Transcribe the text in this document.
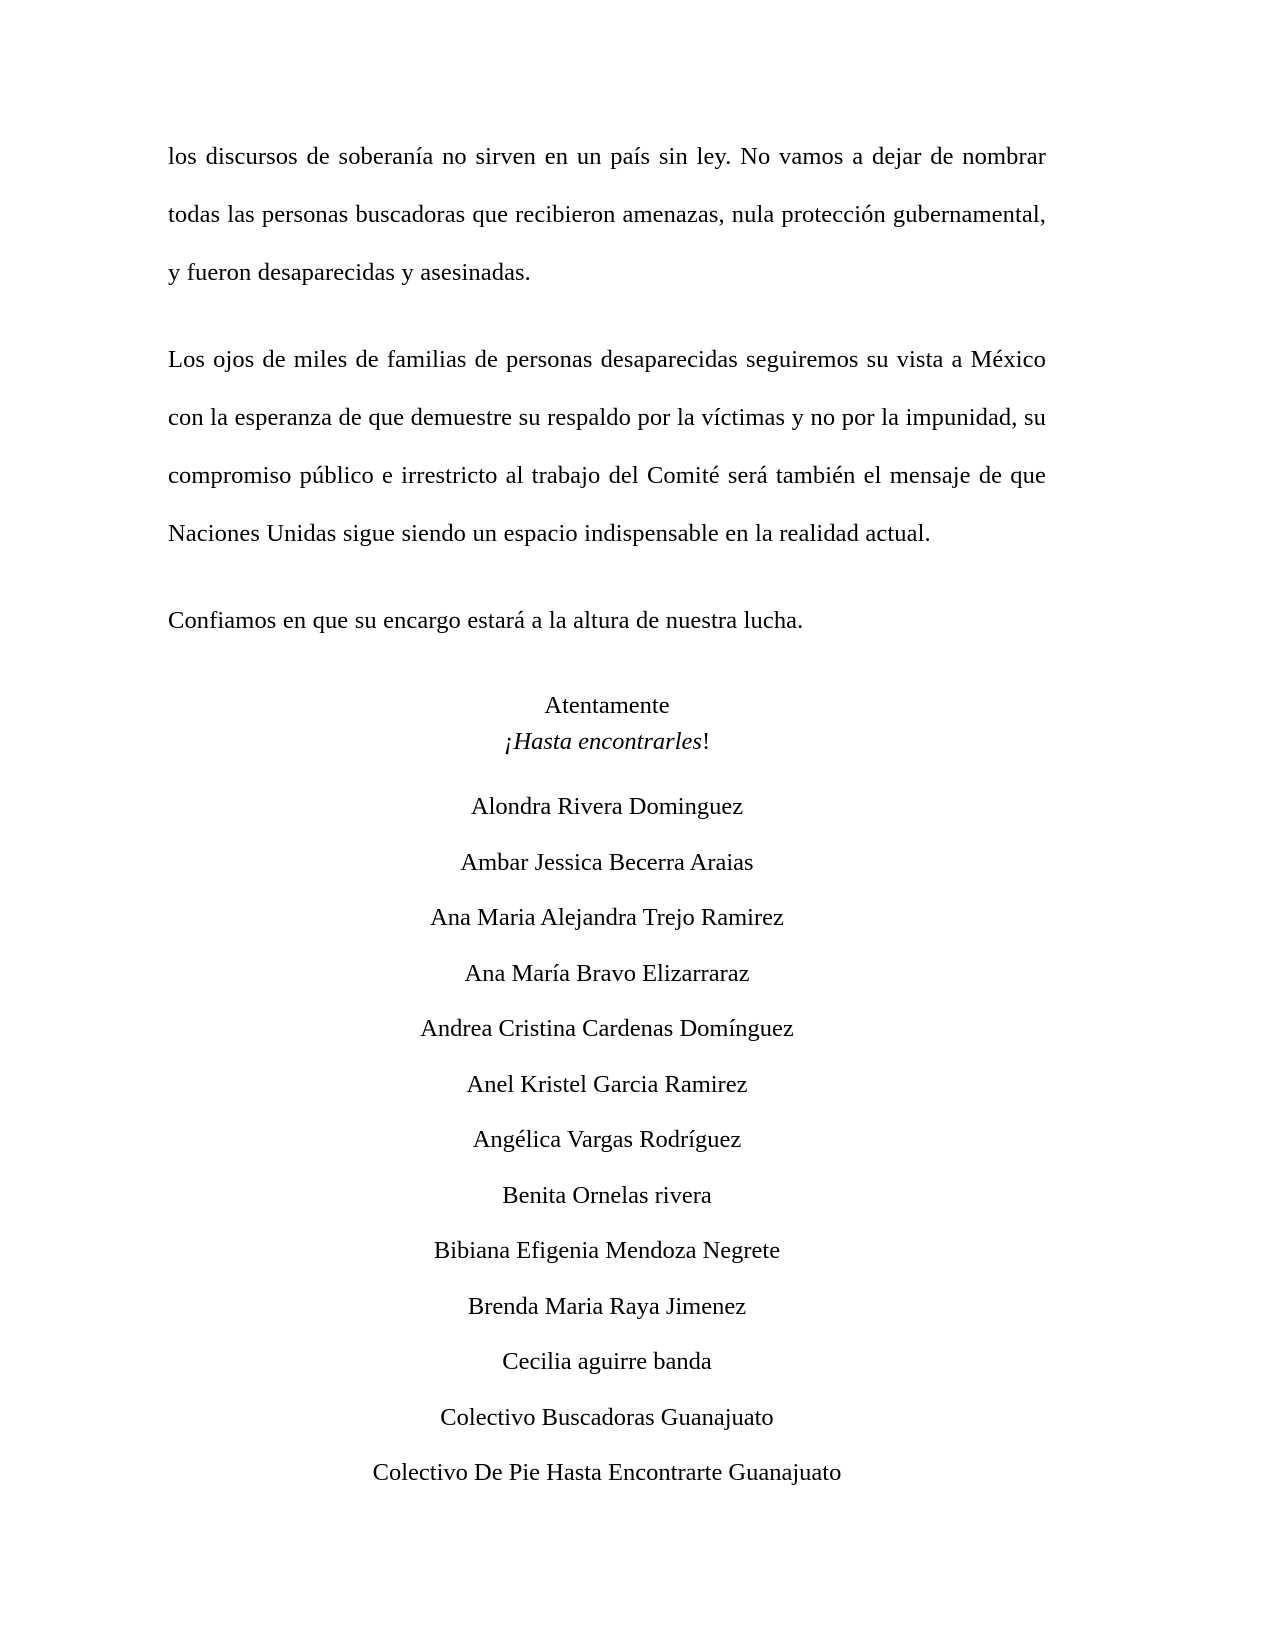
los discursos de soberanía no sirven en un país sin ley. No vamos a dejar de nombrar todas las personas buscadoras que recibieron amenazas, nula protección gubernamental, y fueron desaparecidas y asesinadas.

Los ojos de miles de familias de personas desaparecidas seguiremos su vista a México con la esperanza de que demuestre su respaldo por la víctimas y no por la impunidad, su compromiso público e irrestricto al trabajo del Comité será también el mensaje de que Naciones Unidas sigue siendo un espacio indispensable en la realidad actual.

Confiamos en que su encargo estará a la altura de nuestra lucha.

Atentamente
¡Hasta encontrarles!
Alondra Rivera Dominguez
Ambar Jessica Becerra Araias
Ana Maria Alejandra Trejo Ramirez
Ana María Bravo Elizarraraz
Andrea Cristina Cardenas Domínguez
Anel Kristel Garcia Ramirez
Angélica Vargas Rodríguez
Benita Ornelas rivera
Bibiana Efigenia Mendoza Negrete
Brenda Maria Raya Jimenez
Cecilia aguirre banda
Colectivo Buscadoras Guanajuato
Colectivo De Pie Hasta Encontrarte Guanajuato
